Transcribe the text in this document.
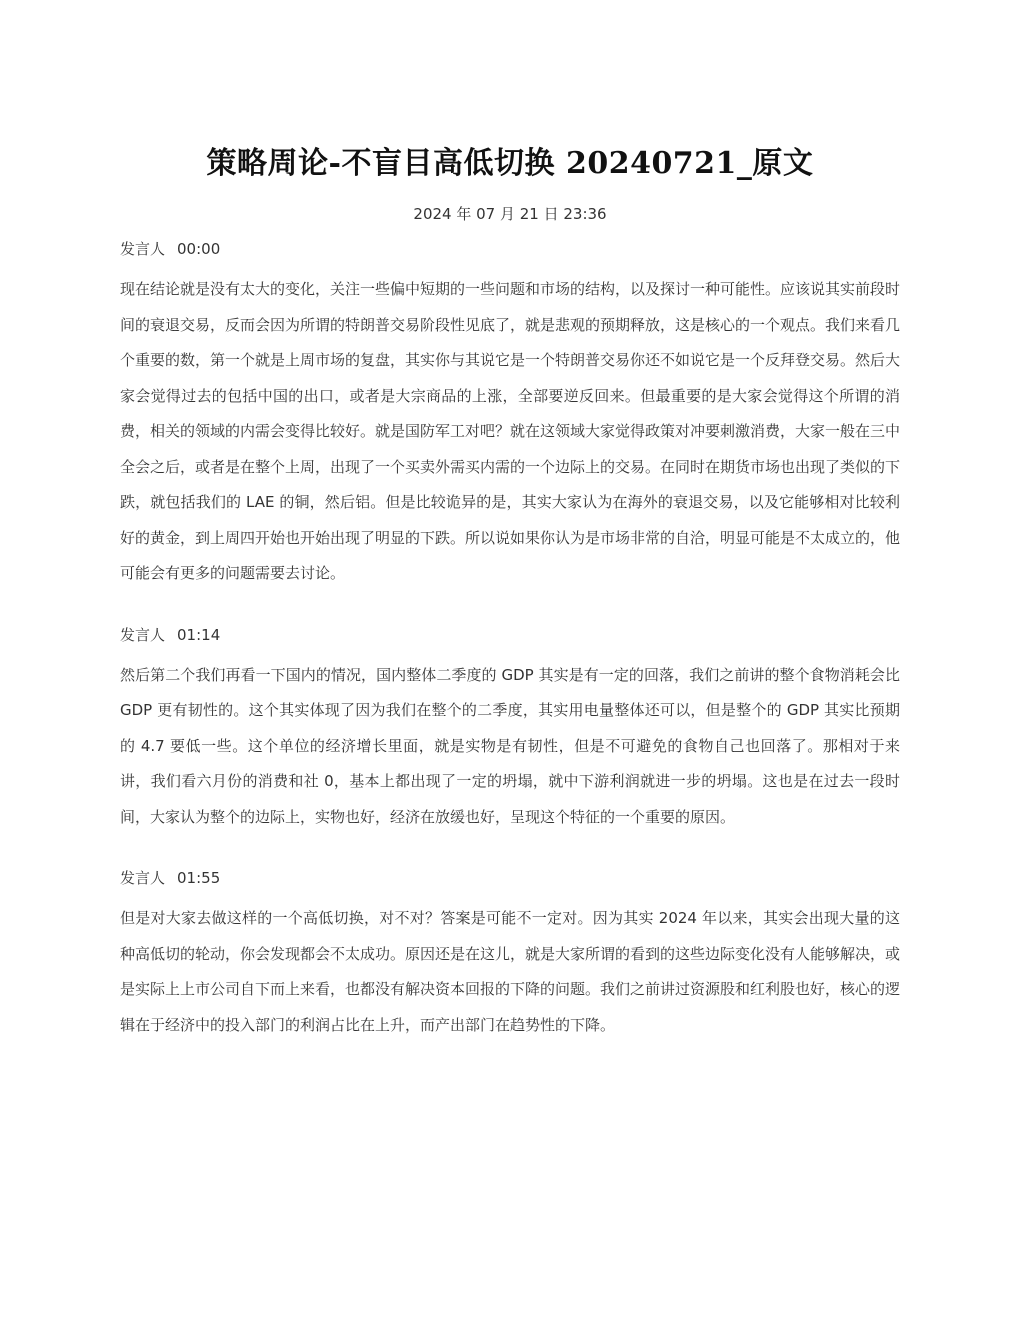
策略周论-不盲目高低切换 20240721_原文
2024 年 07 月 21 日 23:36
发言人 00:00

现在结论就是没有太大的变化，关注一些偏中短期的一些问题和市场的结构，以及探讨一种可能性。应该说其实前段时间的衰退交易，反而会因为所谓的特朗普交易阶段性见底了，就是悲观的预期释放，这是核心的一个观点。我们来看几个重要的数，第一个就是上周市场的复盘，其实你与其说它是一个特朗普交易你还不如说它是一个反拜登交易。然后大家会觉得过去的包括中国的出口，或者是大宗商品的上涨，全部要逆反回来。但最重要的是大家会觉得这个所谓的消费，相关的领域的内需会变得比较好。就是国防军工对吧？就在这领域大家觉得政策对冲要刺激消费，大家一般在三中全会之后，或者是在整个上周，出现了一个买卖外需买内需的一个边际上的交易。在同时在期货市场也出现了类似的下跌，就包括我们的 LAE 的铜，然后铝。但是比较诡异的是，其实大家认为在海外的衰退交易，以及它能够相对比较利好的黄金，到上周四开始也开始出现了明显的下跌。所以说如果你认为是市场非常的自洽，明显可能是不太成立的，他可能会有更多的问题需要去讨论。

发言人 01:14

然后第二个我们再看一下国内的情况，国内整体二季度的 GDP 其实是有一定的回落，我们之前讲的整个食物消耗会比 GDP 更有韧性的。这个其实体现了因为我们在整个的二季度，其实用电量整体还可以，但是整个的 GDP 其实比预期的 4.7 要低一些。这个单位的经济增长里面，就是实物是有韧性，但是不可避免的食物自己也回落了。那相对于来讲，我们看六月份的消费和社 0，基本上都出现了一定的坍塌，就中下游利润就进一步的坍塌。这也是在过去一段时间，大家认为整个的边际上，实物也好，经济在放缓也好，呈现这个特征的一个重要的原因。

发言人 01:55

但是对大家去做这样的一个高低切换，对不对？答案是可能不一定对。因为其实 2024 年以来，其实会出现大量的这种高低切的轮动，你会发现都会不太成功。原因还是在这儿，就是大家所谓的看到的这些边际变化没有人能够解决，或是实际上上市公司自下而上来看，也都没有解决资本回报的下降的问题。我们之前讲过资源股和红利股也好，核心的逻辑在于经济中的投入部门的利润占比在上升，而产出部门在趋势性的下降。
